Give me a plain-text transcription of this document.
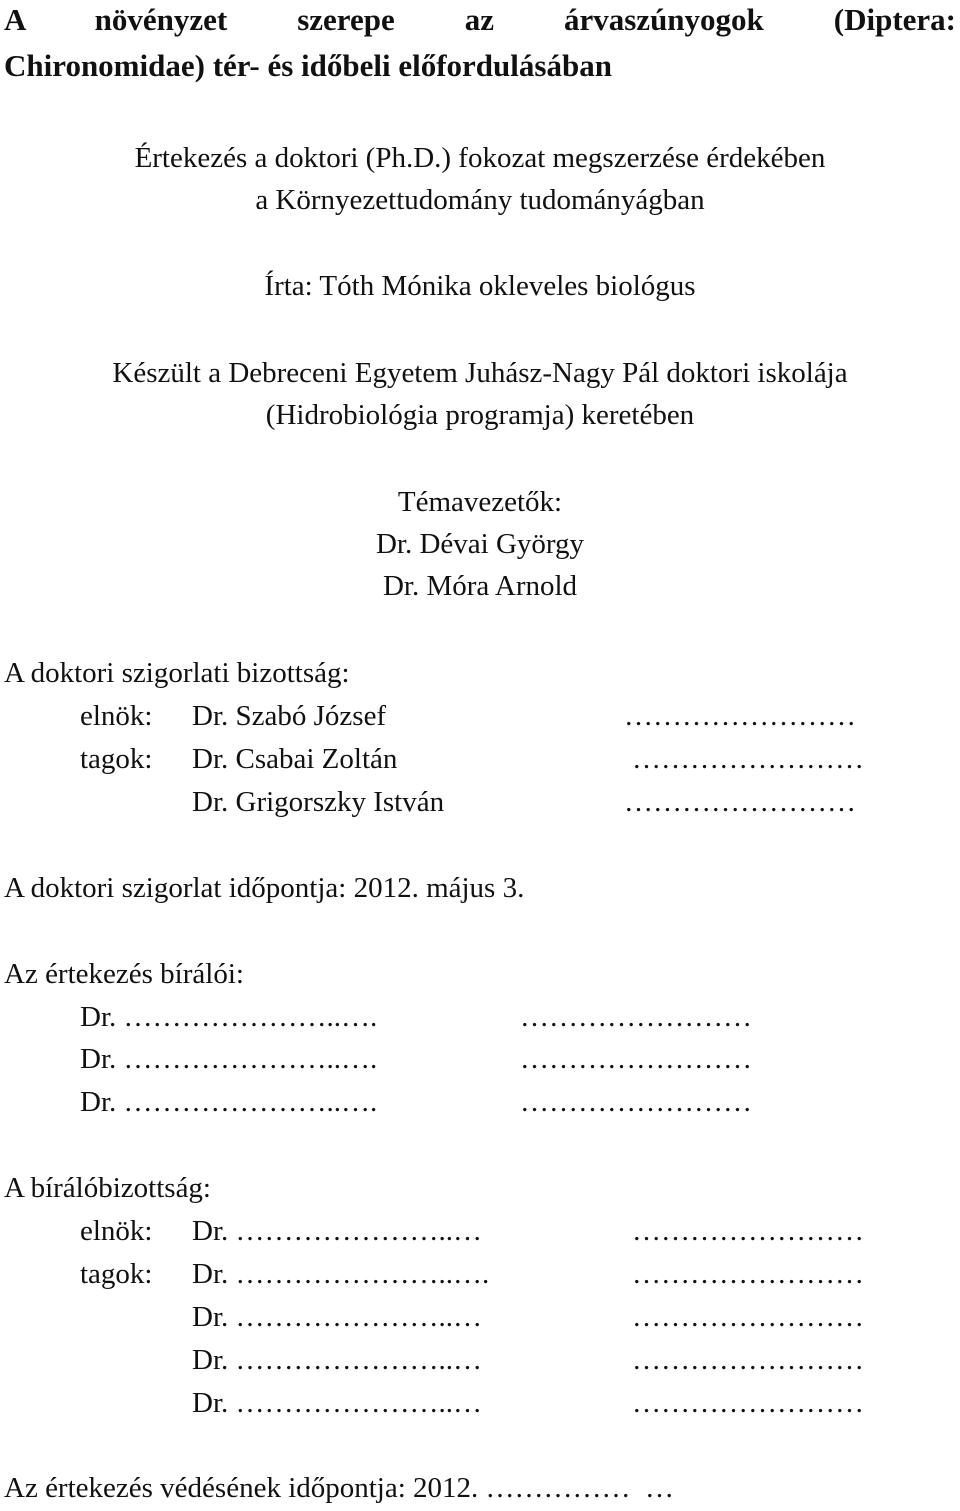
A növényzet szerepe az árvaszúnyogok (Diptera:
Chironomidae) tér- és időbeli előfordulásában
Értekezés a doktori (Ph.D.) fokozat megszerzése érdekében
a Környezettudomány tudományágban
Írta: Tóth Mónika okleveles biológus
Készült a Debreceni Egyetem Juhász-Nagy Pál doktori iskolája
(Hidrobiológia programja) keretében
Témavezetők:
Dr. Dévai György
Dr. Móra Arnold
A doktori szigorlati bizottság:
elnök: Dr. Szabó József	……………………
tagok: Dr. Csabai Zoltán	……………………
Dr. Grigorszky István	……………………
A doktori szigorlat időpontja: 2012. május 3.
Az értekezés bírálói:
Dr. …………………..….	……………………
Dr. …………………..….	……………………
Dr. …………………..….	……………………
A bírálóbizottság:
elnök: Dr. …………………..…	……………………
tagok: Dr. …………………..….	……………………
Dr. …………………..…	……………………
Dr. …………………..…	……………………
Dr. …………………..…	……………………
Az értekezés védésének időpontja: 2012. ……………  …
